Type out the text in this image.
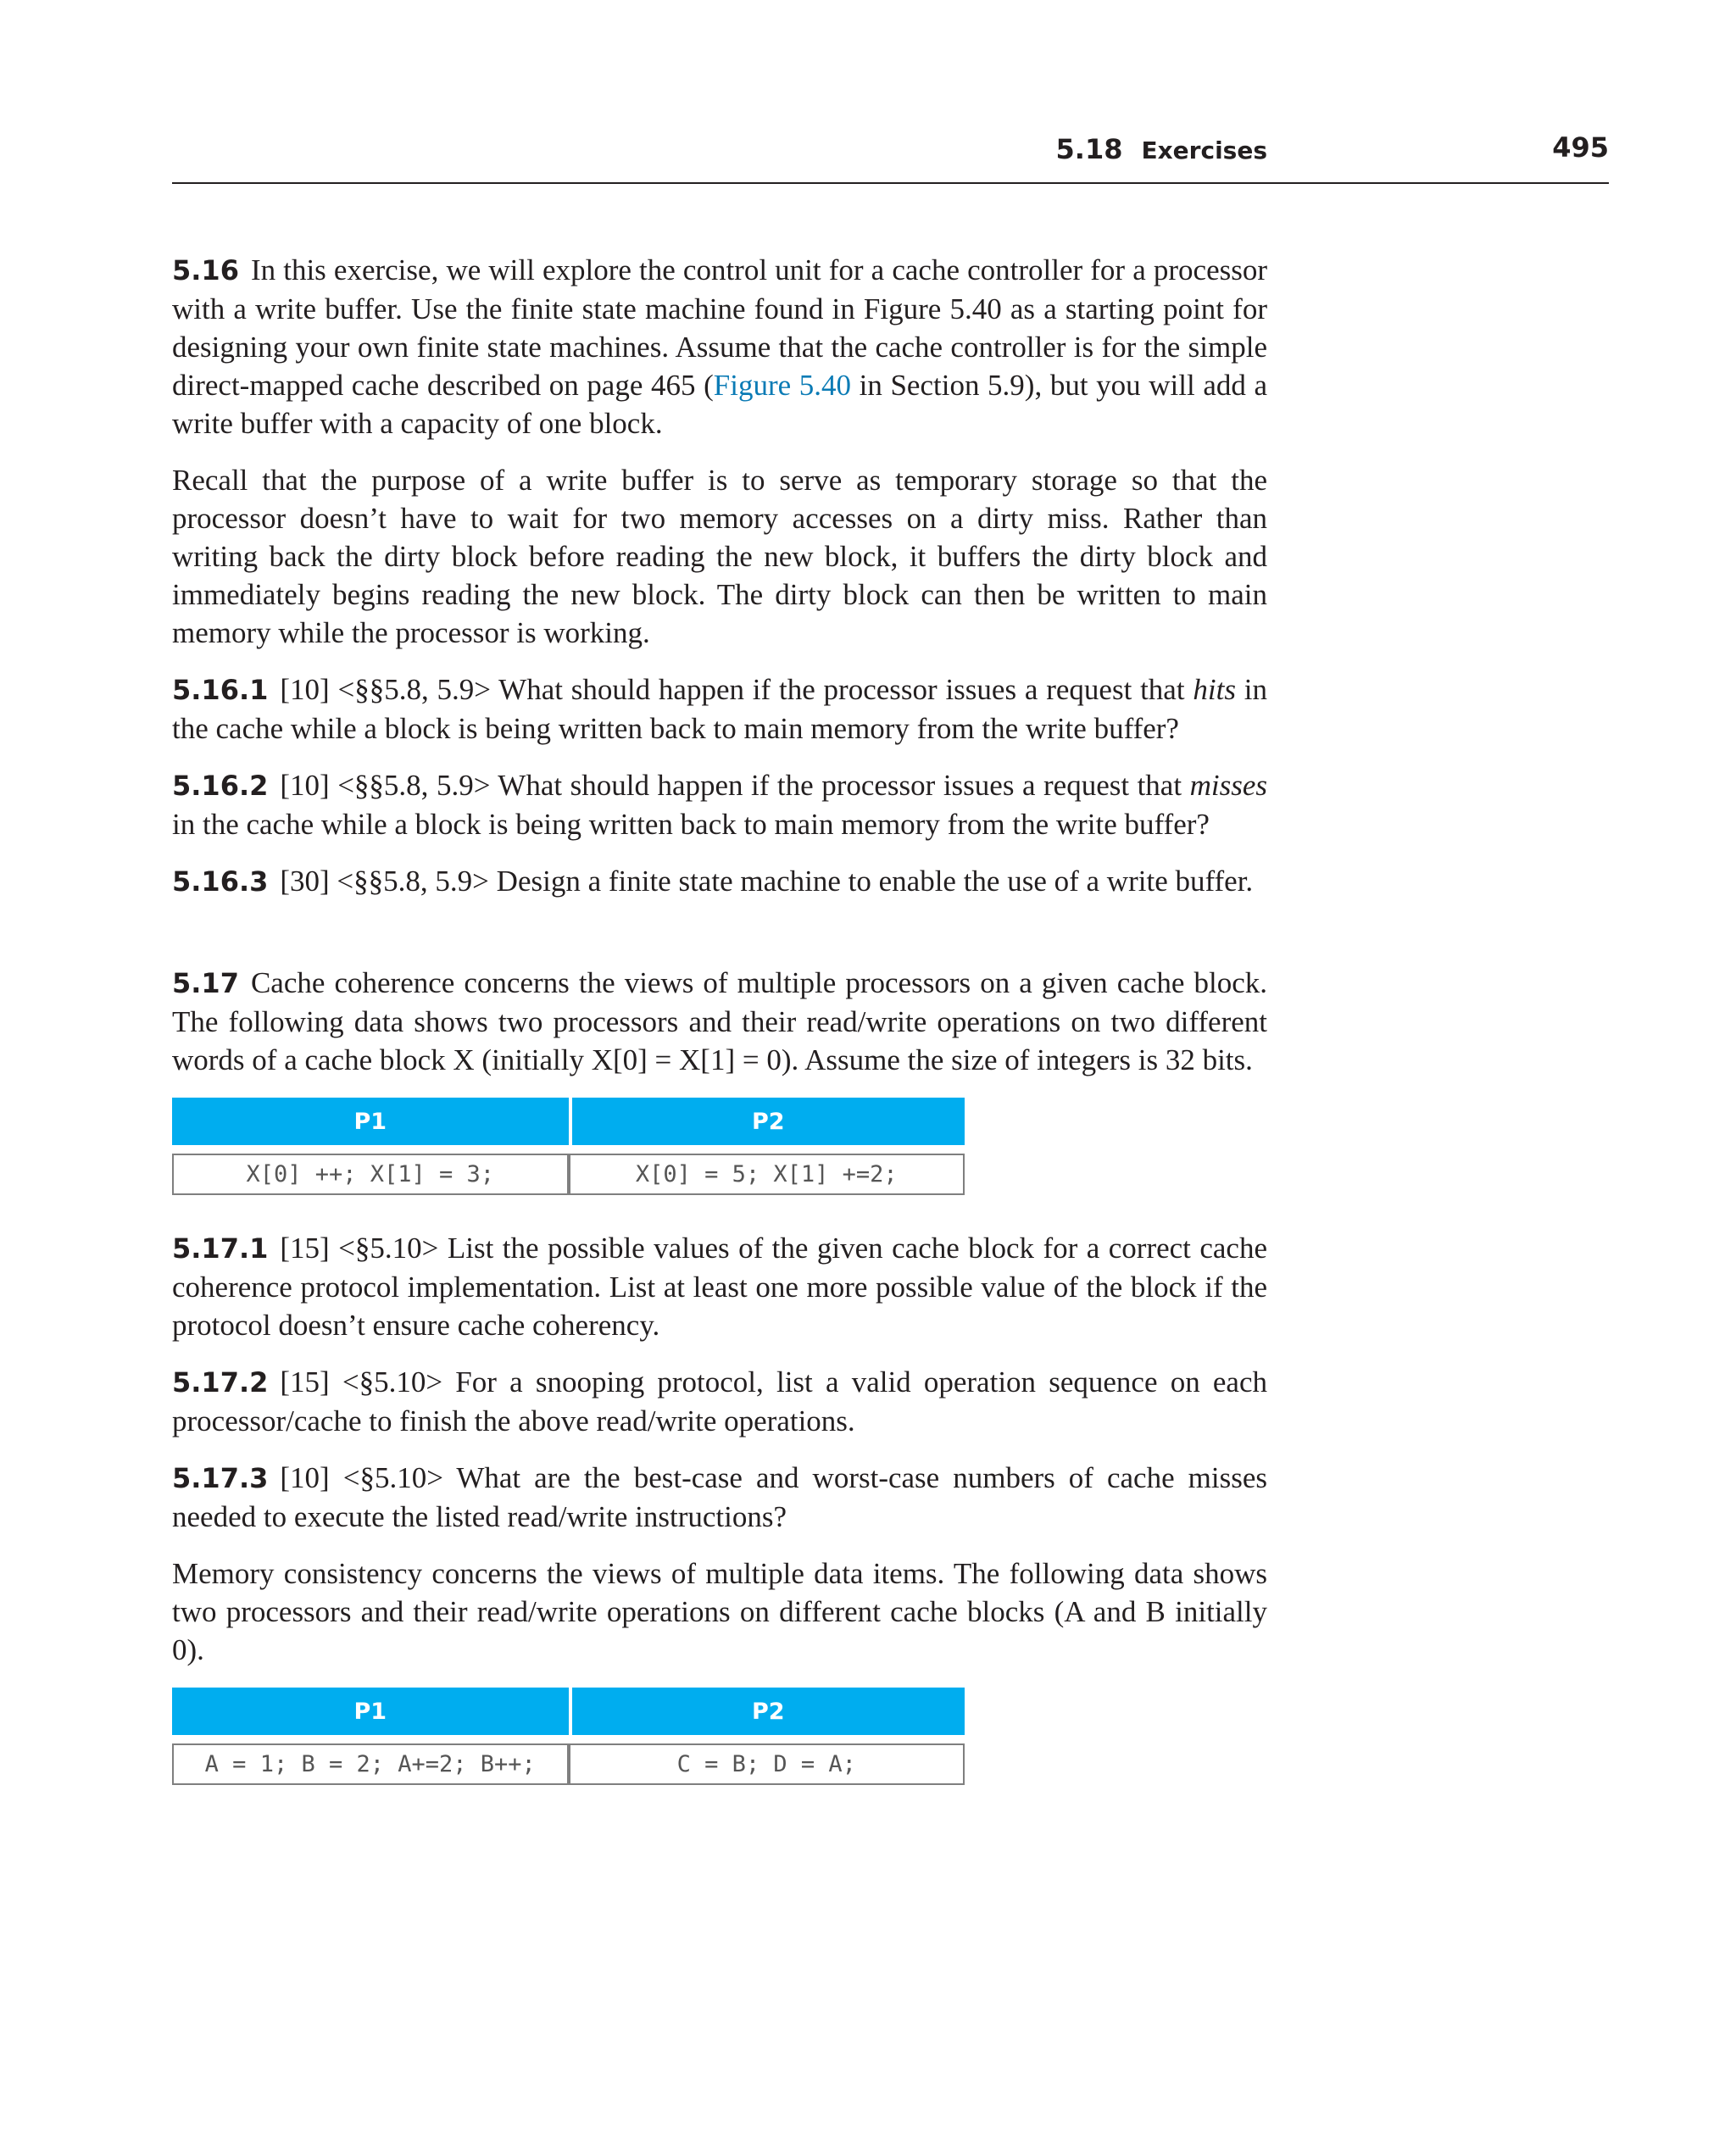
5.18 Exercises	495

5.16 In this exercise, we will explore the control unit for a cache controller for a processor with a write buffer. Use the finite state machine found in Figure 5.40 as a starting point for designing your own finite state machines. Assume that the cache controller is for the simple direct-mapped cache described on page 465 (Figure 5.40 in Section 5.9), but you will add a write buffer with a capacity of one block.

Recall that the purpose of a write buffer is to serve as temporary storage so that the processor doesn’t have to wait for two memory accesses on a dirty miss. Rather than writing back the dirty block before reading the new block, it buffers the dirty block and immediately begins reading the new block. The dirty block can then be written to main memory while the processor is working.

5.16.1 [10] <§§5.8, 5.9> What should happen if the processor issues a request that hits in the cache while a block is being written back to main memory from the write buffer?

5.16.2 [10] <§§5.8, 5.9> What should happen if the processor issues a request that misses in the cache while a block is being written back to main memory from the write buffer?

5.16.3 [30] <§§5.8, 5.9> Design a finite state machine to enable the use of a write buffer.

5.17 Cache coherence concerns the views of multiple processors on a given cache block. The following data shows two processors and their read/write operations on two different words of a cache block X (initially X[0] = X[1] = 0). Assume the size of integers is 32 bits.

P1	P2

X[0] ++; X[1] = 3;	X[0] = 5; X[1] +=2;

5.17.1 [15] <§5.10> List the possible values of the given cache block for a correct cache coherence protocol implementation. List at least one more possible value of the block if the protocol doesn’t ensure cache coherency.

5.17.2 [15] <§5.10> For a snooping protocol, list a valid operation sequence on each processor/cache to finish the above read/write operations.

5.17.3 [10] <§5.10> What are the best-case and worst-case numbers of cache misses needed to execute the listed read/write instructions?

Memory consistency concerns the views of multiple data items. The following data shows two processors and their read/write operations on different cache blocks (A and B initially 0).

P1	P2

A = 1; B = 2; A+=2; B++;	C = B; D = A;
